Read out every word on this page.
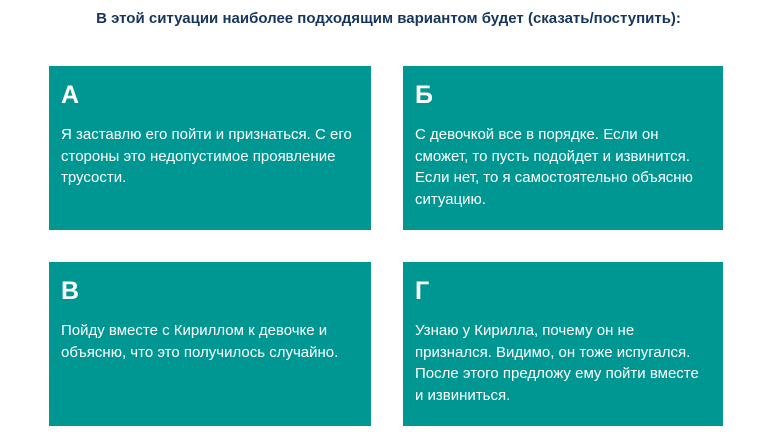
В этой ситуации наиболее подходящим вариантом будет (сказать/поступить):
А
Я заставлю его пойти и признаться. С его стороны это недопустимое проявление трусости.
Б
С девочкой все в порядке. Если он сможет, то пусть подойдет и извинится. Если нет, то я самостоятельно объясню ситуацию.
В
Пойду вместе с Кириллом к девочке и объясню, что это получилось случайно.
Г
Узнаю у Кирилла, почему он не признался. Видимо, он тоже испугался. После этого предложу ему пойти вместе и извиниться.
